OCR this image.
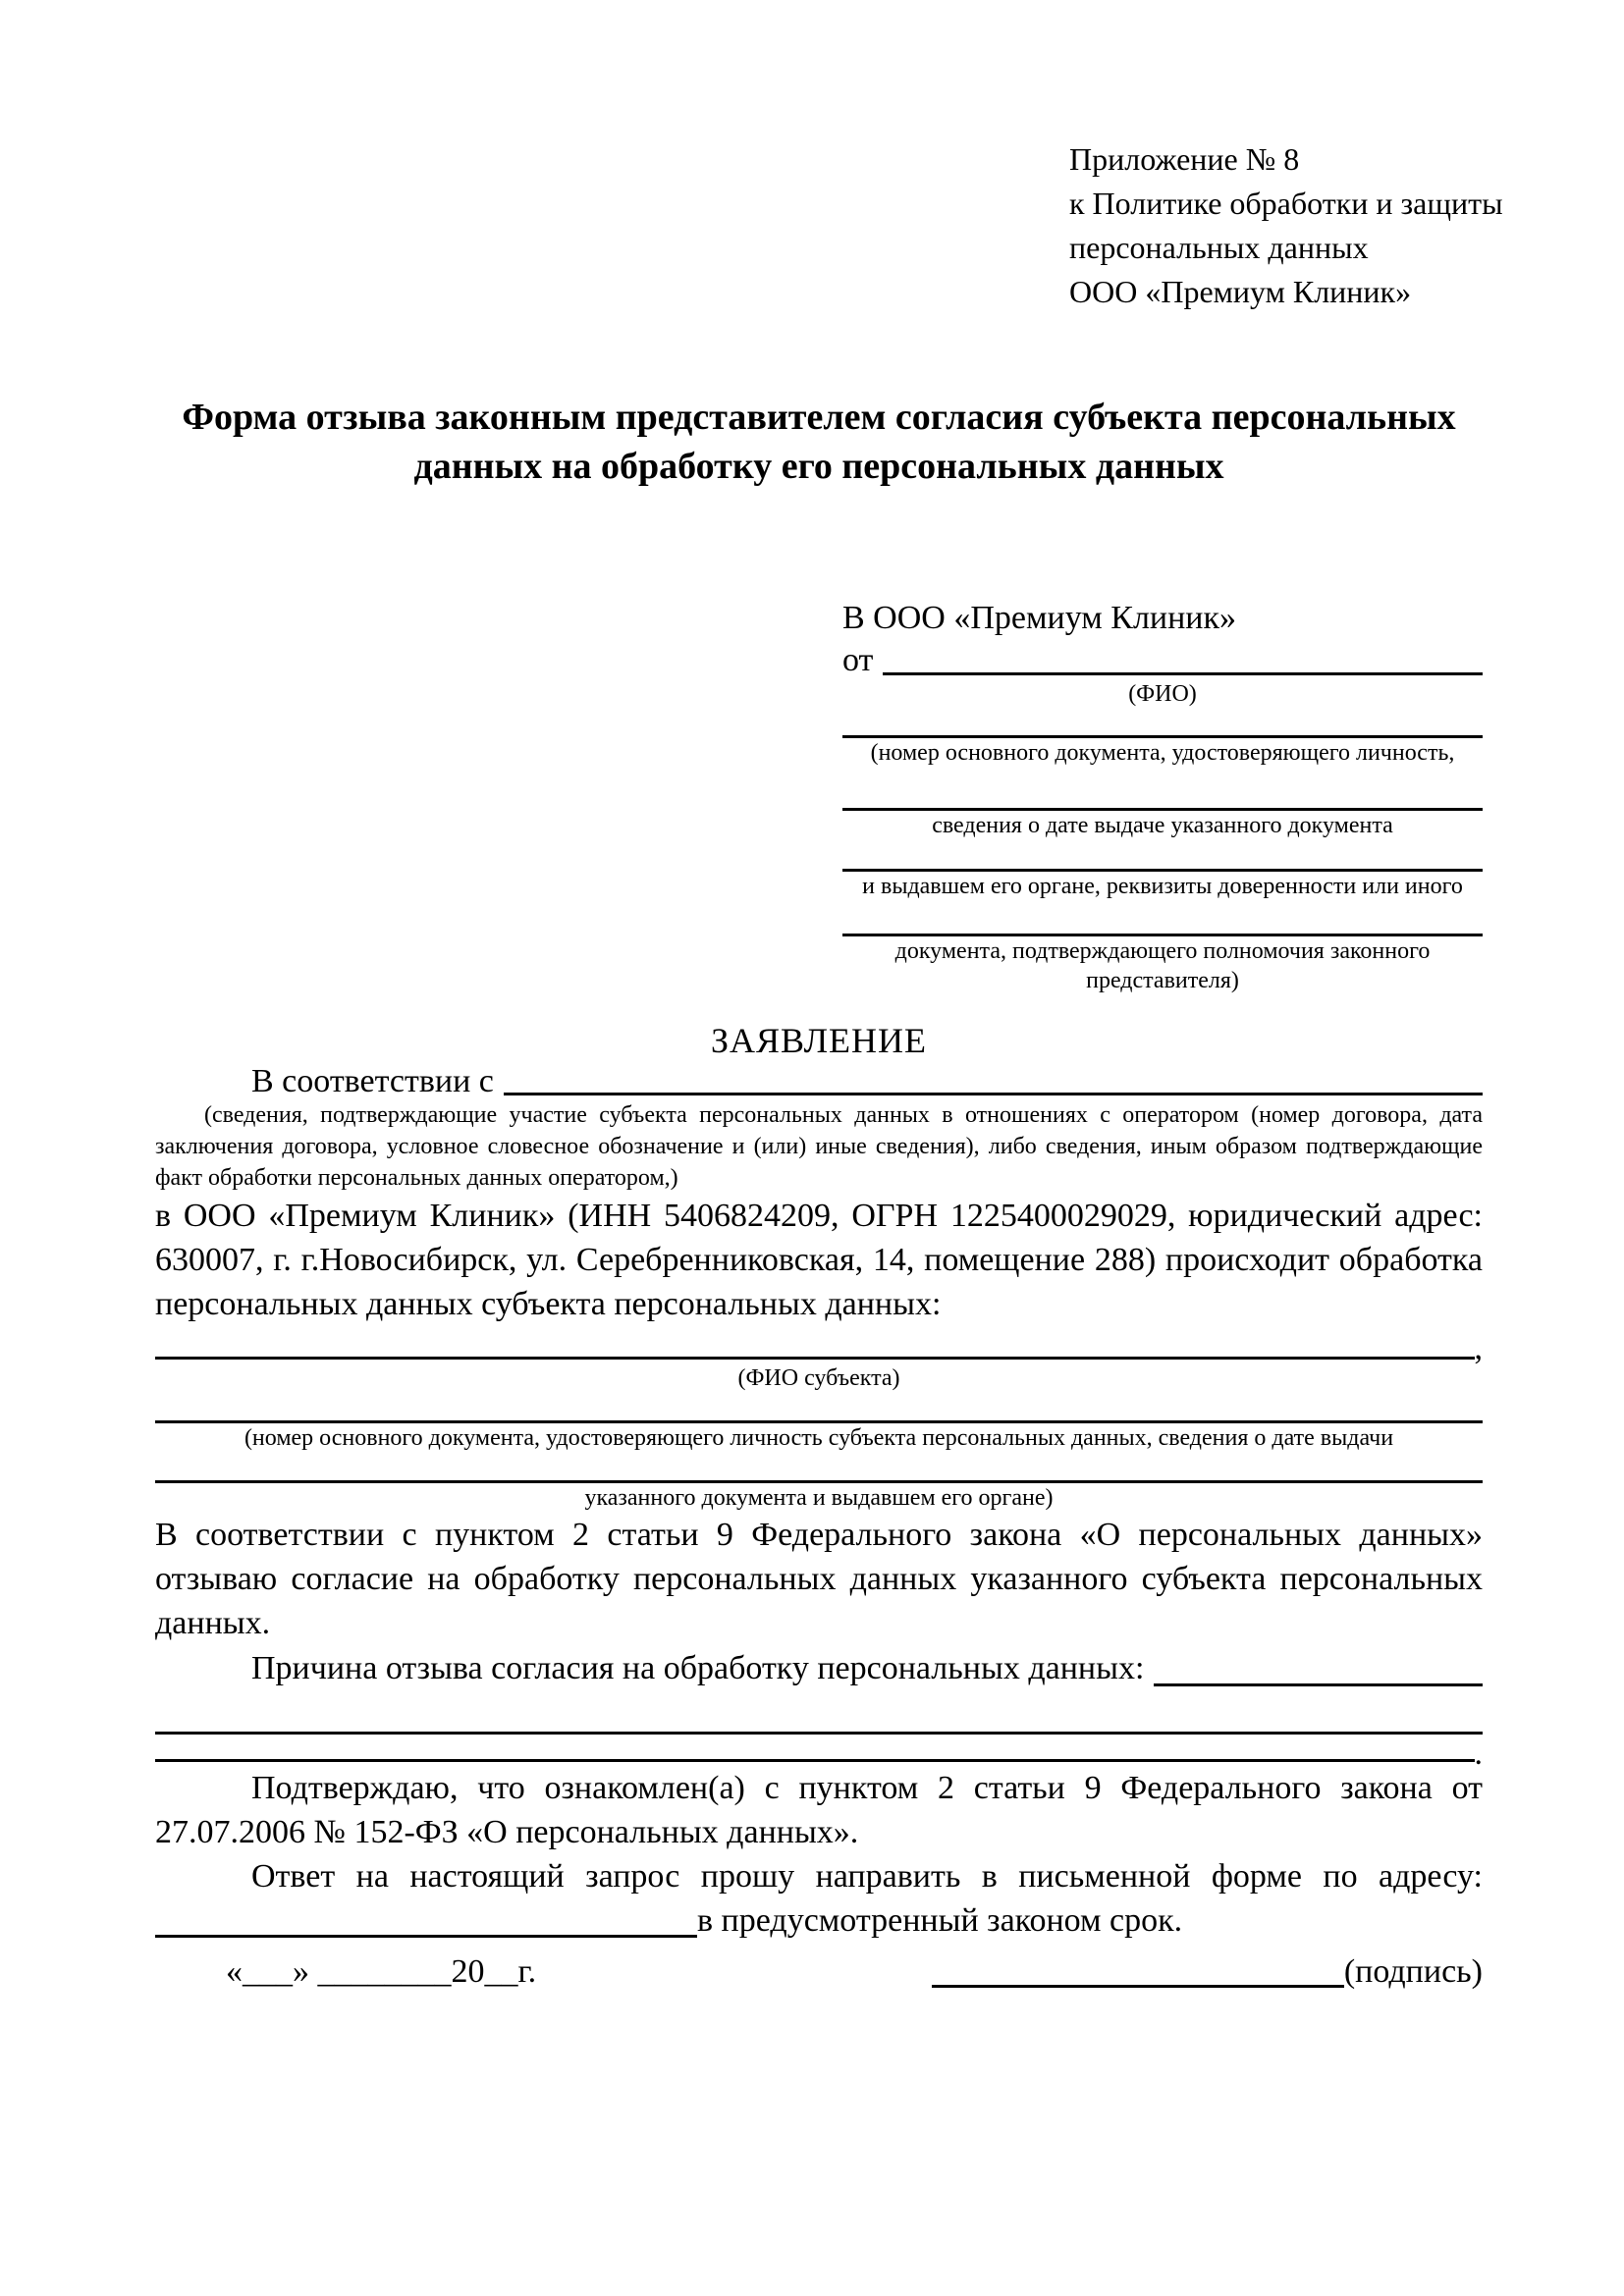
Приложение № 8
к Политике обработки и защиты
персональных данных
ООО «Премиум Клиник»
Форма отзыва законным представителем согласия субъекта персональных данных на обработку его персональных данных
В ООО «Премиум Клиник»
от
(ФИО)
(номер основного документа, удостоверяющего личность,
сведения о дате выдаче указанного документа
и выдавшем его органе, реквизиты доверенности или иного
документа, подтверждающего полномочия законного представителя)
ЗАЯВЛЕНИЕ
В соответствии с
(сведения, подтверждающие участие субъекта персональных данных в отношениях с оператором (номер договора, дата заключения договора, условное словесное обозначение и (или) иные сведения), либо сведения, иным образом подтверждающие факт обработки персональных данных оператором,)

в ООО «Премиум Клиник» (ИНН 5406824209, ОГРН 1225400029029, юридический адрес: 630007, г. г.Новосибирск, ул. Серебренниковская, 14, помещение 288) происходит обработка персональных данных субъекта персональных данных:

,
(ФИО субъекта)
(номер основного документа, удостоверяющего личность субъекта персональных данных, сведения о дате выдачи
указанного документа и выдавшем его органе)

В соответствии с пунктом 2 статьи 9 Федерального закона «О персональных данных» отзываю согласие на обработку персональных данных указанного субъекта персональных данных.

Причина отзыва согласия на обработку персональных данных:
.

Подтверждаю, что ознакомлен(а) с пунктом 2 статьи 9 Федерального закона от 27.07.2006 № 152-ФЗ «О персональных данных».

Ответ на настоящий запрос прошу направить в письменной форме по адресу:

в предусмотренный законом срок.
«___» ________20__г.	(подпись)
